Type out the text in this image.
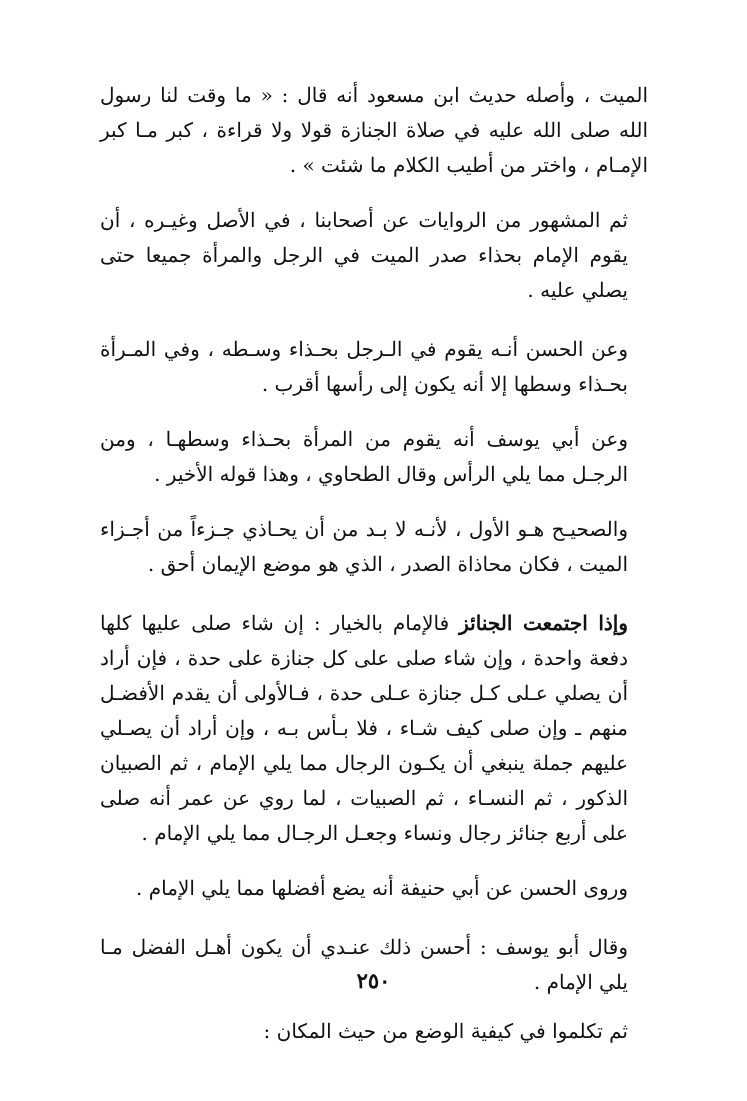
الميت ، وأصله حديث ابن مسعود أنه قال : « ما وقت لنا رسول الله صلى الله عليه في صلاة الجنازة قولا ولا قراءة ، كبر مـا كبر الإمـام ، واختر من أطيب الكلام ما شئت » .

ثم المشهور من الروايات عن أصحابنا ، في الأصل وغيـره ، أن يقوم الإمام بحذاء صدر الميت في الرجل والمرأة جميعا حتى يصلي عليه .

وعن الحسن أنـه يقوم في الـرجل بحـذاء وسـطه ، وفي المـرأة بحـذاء وسطها إلا أنه يكون إلى رأسها أقرب .

وعن أبي يوسف أنه يقوم من المرأة بحـذاء وسطهـا ، ومن الرجـل مما يلي الرأس وقال الطحاوي ، وهذا قوله الأخير .

والصحيـح هـو الأول ، لأنـه لا بـد من أن يحـاذي جـزءاً من أجـزاء الميت ، فكان محاذاة الصدر ، الذي هو موضع الإيمان أحق .

وإذا اجتمعت الجنائز فالإمام بالخيار : إن شاء صلى عليها كلها دفعة واحدة ، وإن شاء صلى على كل جنازة على حدة ، فإن أراد أن يصلي عـلى كـل جنازة عـلى حدة ، فـالأولى أن يقدم الأفضـل منهم ـ وإن صلى كيف شـاء ، فلا بـأس بـه ، وإن أراد أن يصـلي عليهم جملة ينبغي أن يكـون الرجال مما يلي الإمام ، ثم الصبيان الذكور ، ثم النسـاء ، ثم الصبيات ، لما روي عن عمر أنه صلى على أربع جنائز رجال ونساء وجعـل الرجـال مما يلي الإمام .

وروى الحسن عن أبي حنيفة أنه يضع أفضلها مما يلي الإمام .

وقال أبو يوسف : أحسن ذلك عنـدي أن يكون أهـل الفضل مـا يلي الإمام .

ثم تكلموا في كيفية الوضع من حيث المكان :

٢٥٠
